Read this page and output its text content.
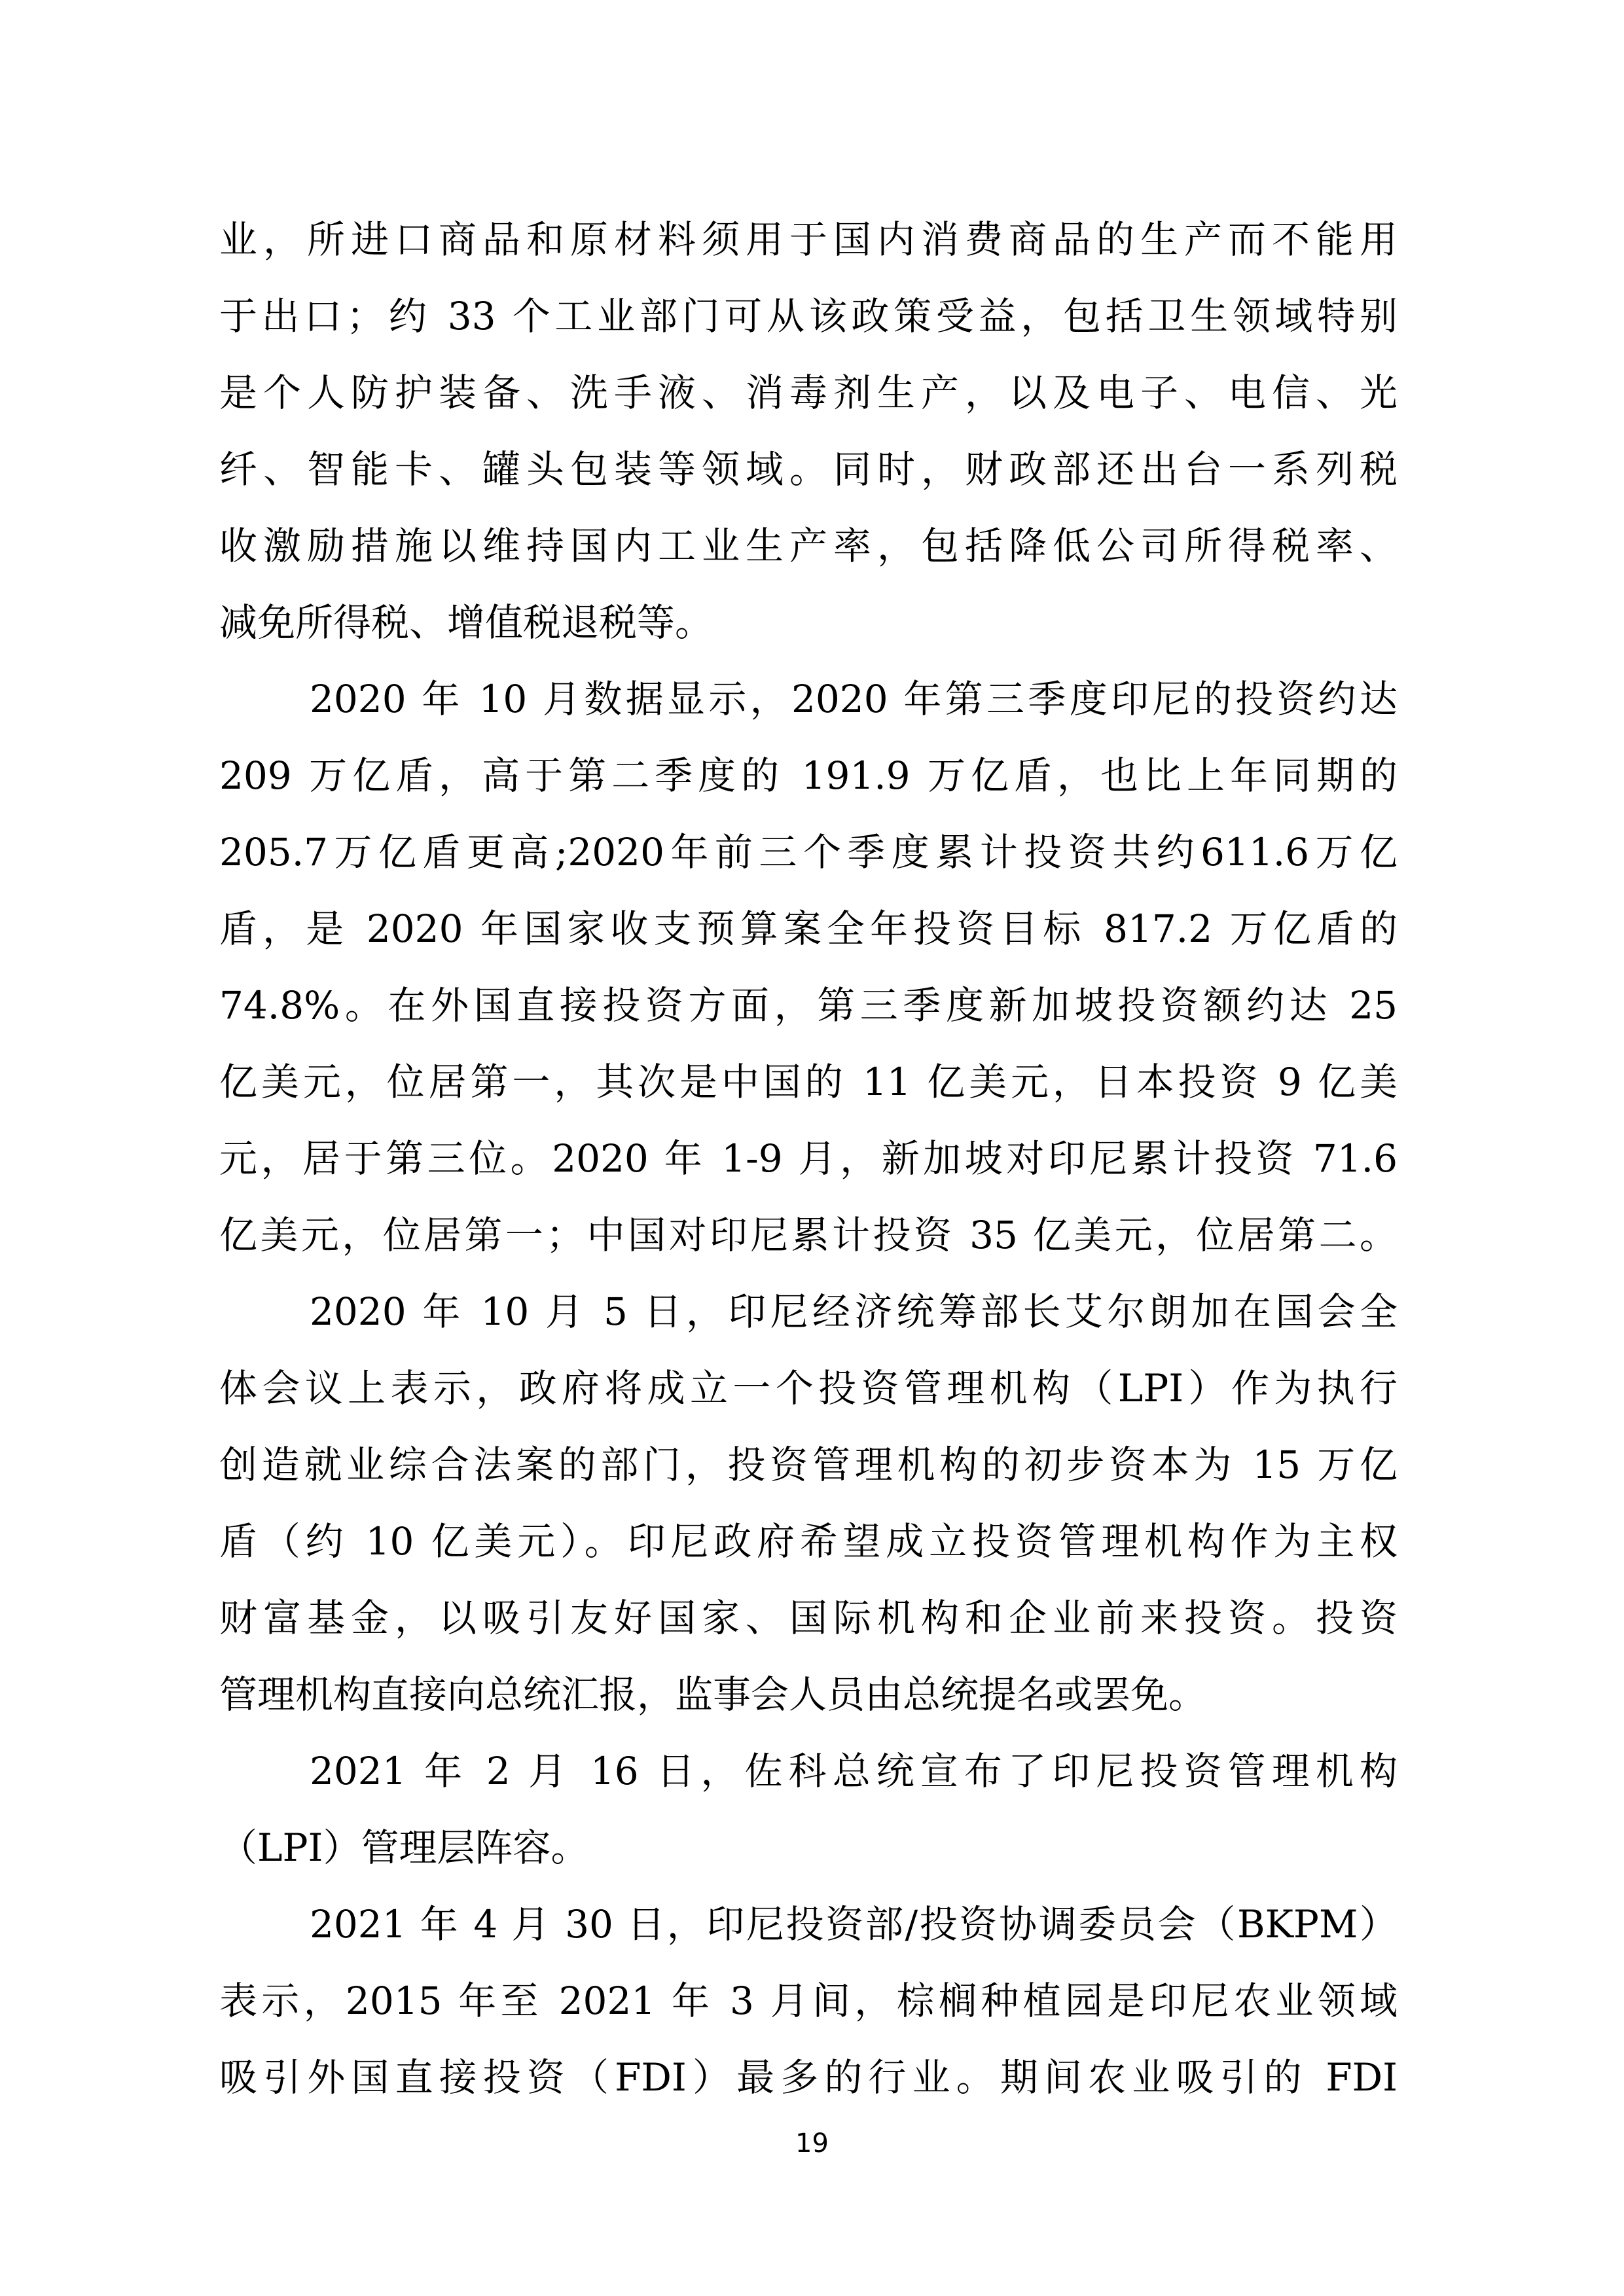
业，所进口商品和原材料须用于国内消费商品的生产而不能用
于出口；约 33 个工业部门可从该政策受益，包括卫生领域特别
是个人防护装备、洗手液、消毒剂生产，以及电子、电信、光
纤、智能卡、罐头包装等领域。同时，财政部还出台一系列税
收激励措施以维持国内工业生产率，包括降低公司所得税率、
减免所得税、增值税退税等。
2020 年 10 月数据显示，2020 年第三季度印尼的投资约达
209 万亿盾，高于第二季度的 191.9 万亿盾，也比上年同期的
205.7万亿盾更高;2020年前三个季度累计投资共约611.6万亿
盾，是 2020 年国家收支预算案全年投资目标 817.2 万亿盾的
74.8%。在外国直接投资方面，第三季度新加坡投资额约达 25
亿美元，位居第一，其次是中国的 11 亿美元，日本投资 9 亿美
元，居于第三位。2020 年 1-9 月，新加坡对印尼累计投资 71.6
亿美元，位居第一；中国对印尼累计投资 35 亿美元，位居第二。
2020 年 10 月 5 日，印尼经济统筹部长艾尔朗加在国会全
体会议上表示，政府将成立一个投资管理机构（LPI）作为执行
创造就业综合法案的部门，投资管理机构的初步资本为 15 万亿
盾（约 10 亿美元）。印尼政府希望成立投资管理机构作为主权
财富基金，以吸引友好国家、国际机构和企业前来投资。投资
管理机构直接向总统汇报，监事会人员由总统提名或罢免。
2021 年 2 月 16 日，佐科总统宣布了印尼投资管理机构
（LPI）管理层阵容。
2021 年 4 月 30 日，印尼投资部/投资协调委员会（BKPM）
表示，2015 年至 2021 年 3 月间，棕榈种植园是印尼农业领域
吸引外国直接投资（FDI）最多的行业。期间农业吸引的 FDI
19
